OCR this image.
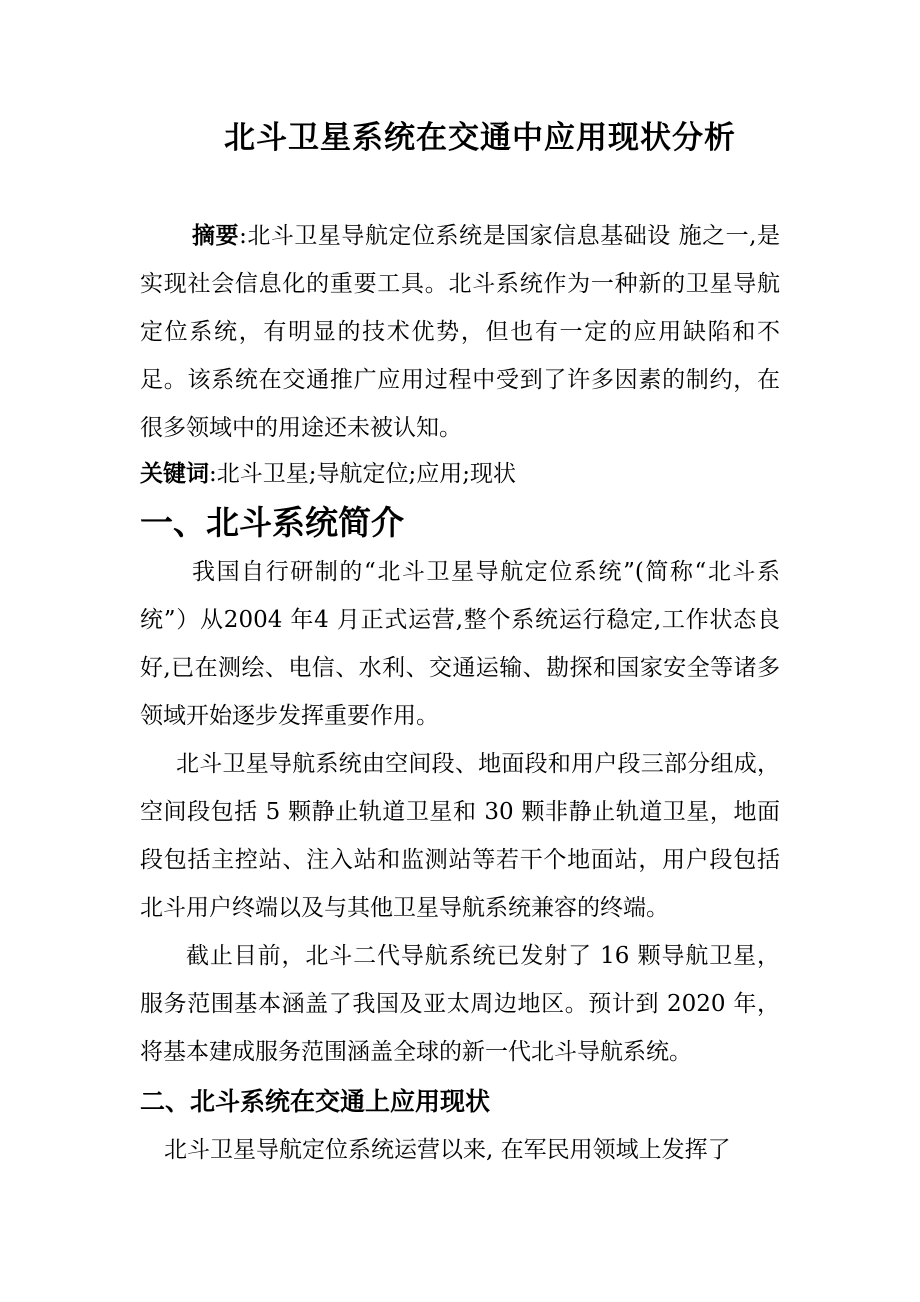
北斗卫星系统在交通中应用现状分析

摘要:北斗卫星导航定位系统是国家信息基础设 施之一,是实现社会信息化的重要工具。北斗系统作为一种新的卫星导航定位系统，有明显的技术优势，但也有一定的应用缺陷和不足。该系统在交通推广应用过程中受到了许多因素的制约，在很多领域中的用途还未被认知。

关键词:北斗卫星;导航定位;应用;现状

一、北斗系统简介

我国自行研制的“北斗卫星导航定位系统”(简称“北斗系统”）从2004 年4 月正式运营,整个系统运行稳定,工作状态良好,已在测绘、电信、水利、交通运输、勘探和国家安全等诸多领域开始逐步发挥重要作用。

北斗卫星导航系统由空间段、地面段和用户段三部分组成，空间段包括 5 颗静止轨道卫星和 30 颗非静止轨道卫星，地面段包括主控站、注入站和监测站等若干个地面站，用户段包括北斗用户终端以及与其他卫星导航系统兼容的终端。

截止目前，北斗二代导航系统已发射了 16 颗导航卫星，服务范围基本涵盖了我国及亚太周边地区。预计到 2020 年，将基本建成服务范围涵盖全球的新一代北斗导航系统。

二、北斗系统在交通上应用现状

北斗卫星导航定位系统运营以来, 在军民用领域上发挥了
